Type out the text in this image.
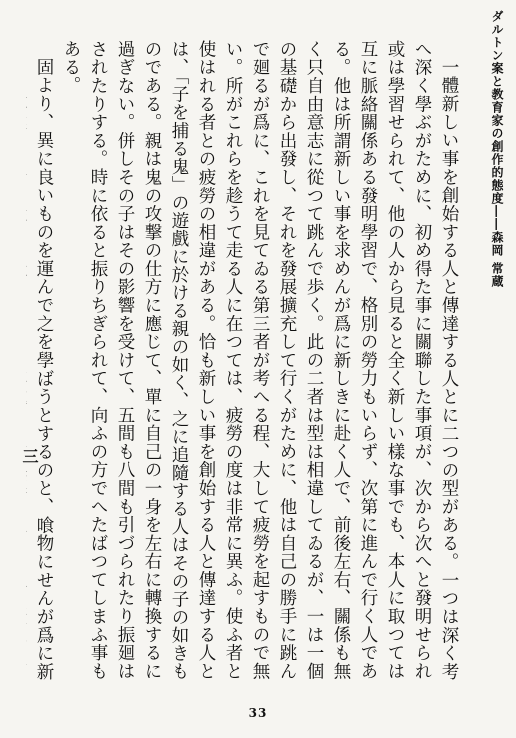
ダルトン案と教育家の創作的態度――森岡 常蔵

一體新しい事を創始する人と傳達する人とに二つの型がある。一つは深く考へ深く學ぶがために、初め得た事に關聯した事項が、次から次へと發明せられ或は學習せられて、他の人から見ると全く新しい樣な事でも、本人に取つては互に脈絡關係ある發明學習で、格別の勞力もいらず、次第に進んで行く人である。他は所謂新しい事を求めんが爲に新しきに赴く人で、前後左右、關係も無く只自由意志に從つて跳んで歩く。此の二者は型は相違してゐるが、一は一個の基礎から出發し、それを發展擴充して行くがために、他は自己の勝手に跳んで廻るが爲に、これを見てゐる第三者が考へる程、大して疲勞を起すもので無い。所がこれらを趁うて走る人に在つては、疲勞の度は非常に異ふ。使ふ者と使はれる者との疲勞の相違がある。恰も新しい事を創始する人と傳達する人とは、「子を捕る鬼」の遊戲に於ける親の如く、之に追隨する人はその子の如きものである。親は鬼の攻撃の仕方に應じて、單に自己の一身を左右に轉換するに過ぎない。併しその子はその影響を受けて、五間も八間も引づられたり振廻はされたりする。時に依ると振りちぎられて、向ふの方でへたばつてしまふ事もある。

固より、異に良いものを運んで之を學ばうとするのと、喰物にせんが爲に新

三
33
